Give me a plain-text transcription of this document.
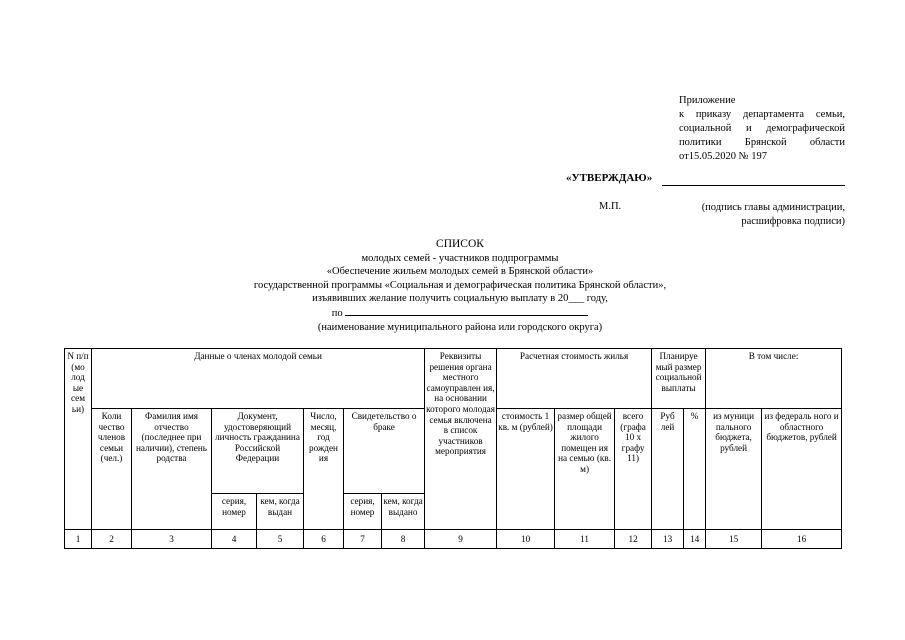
Приложение
к приказу департамента семьи,
социальной и демографической
политики Брянской области
от15.05.2020 № 197
«УТВЕРЖДАЮ»
М.П.	(подпись главы администрации,
расшифровка подписи)
СПИСОК
молодых семей - участников подпрограммы
«Обеспечение жильем молодых семей в Брянской области»
государственной программы «Социальная и демографическая политика Брянской области»,
изъявивших желание получить социальную выплату в 20___ году,
по
(наименование муниципального района или городского округа)
N п/п (мо лод ые сем ьи)	Данные о членах молодой семьи							Реквизиты решения органа местного самоуправлен ия, на основании которого молодая семья включена в список участников мероприятия	Расчетная стоимость жилья			Планируе мый размер социальной выплаты		В том числе:	
	Коли чество членов семьи (чел.)	Фамилия имя отчество (последнее при наличии), степень родства	Документ, удостоверяющий личность гражданина Российской Федерации		Число, месяц, год рожден ия	Свидетельство о браке			стоимость 1 кв. м (рублей)	размер общей площади жилого помещен ия на семью (кв. м)	всего (графа 10 x графу 11)	Руб лей	%	из муници пального бюджета, рублей	из федераль ного и областного бюджетов, рублей
			серия, номер	кем, когда выдан		серия, номер	кем, когда выдано								
1	2	3	4	5	6	7	8	9	10	11	12	13	14	15	16
